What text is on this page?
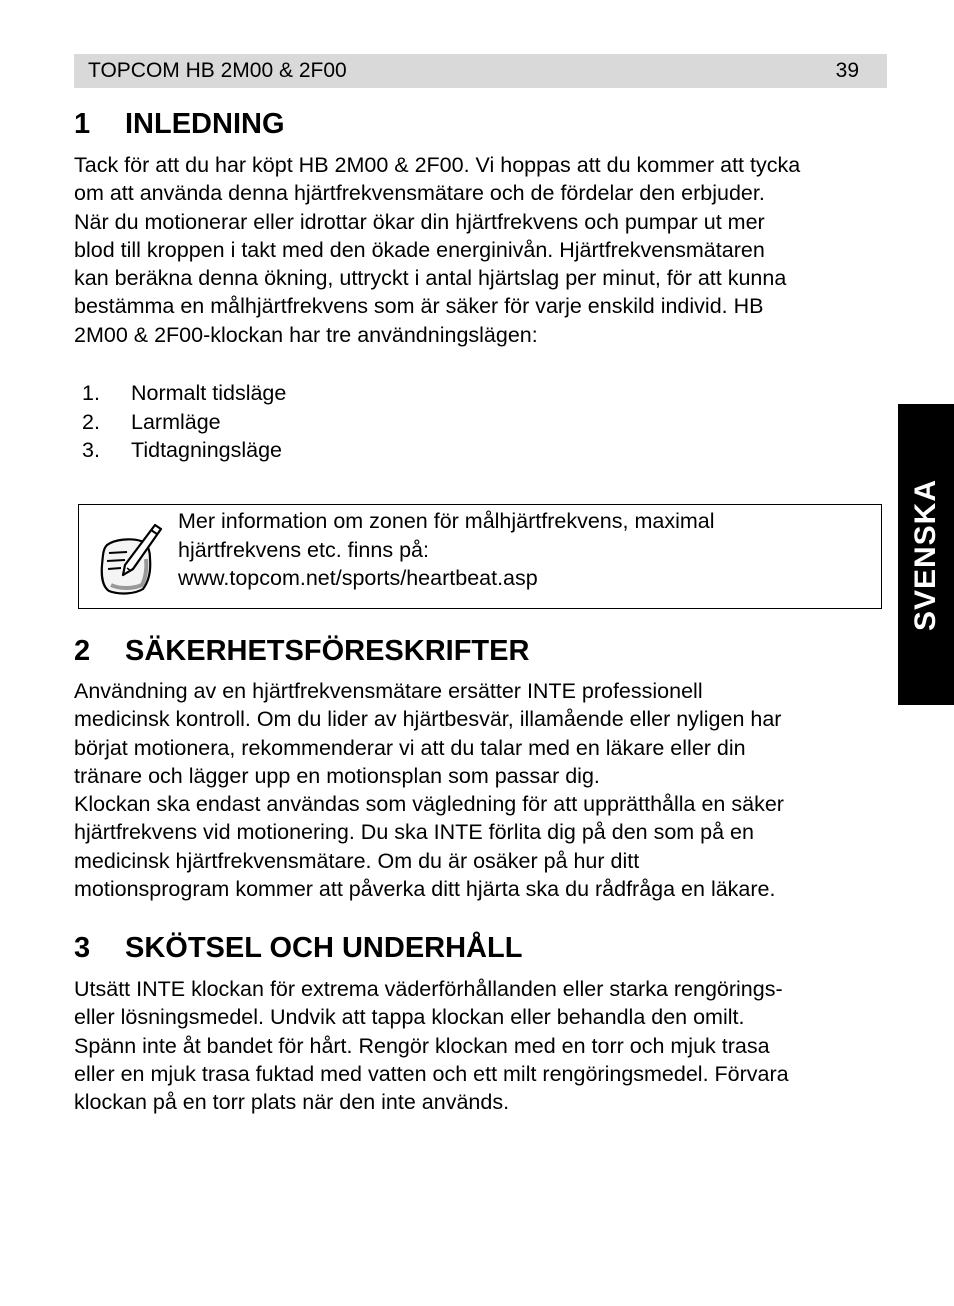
TOPCOM HB 2M00 & 2F00	39
1 INLEDNING
Tack för att du har köpt HB 2M00 & 2F00. Vi hoppas att du kommer att tycka
om att använda denna hjärtfrekvensmätare och de fördelar den erbjuder.
När du motionerar eller idrottar ökar din hjärtfrekvens och pumpar ut mer
blod till kroppen i takt med den ökade energinivån. Hjärtfrekvensmätaren
kan beräkna denna ökning, uttryckt i antal hjärtslag per minut, för att kunna
bestämma en målhjärtfrekvens som är säker för varje enskild individ. HB
2M00 & 2F00-klockan har tre användningslägen:
1. Normalt tidsläge
2. Larmläge
3. Tidtagningsläge
Mer information om zonen för målhjärtfrekvens, maximal
hjärtfrekvens etc. finns på:
www.topcom.net/sports/heartbeat.asp
2 SÄKERHETSFÖRESKRIFTER
Användning av en hjärtfrekvensmätare ersätter INTE professionell
medicinsk kontroll. Om du lider av hjärtbesvär, illamående eller nyligen har
börjat motionera, rekommenderar vi att du talar med en läkare eller din
tränare och lägger upp en motionsplan som passar dig.
Klockan ska endast användas som vägledning för att upprätthålla en säker
hjärtfrekvens vid motionering. Du ska INTE förlita dig på den som på en
medicinsk hjärtfrekvensmätare. Om du är osäker på hur ditt
motionsprogram kommer att påverka ditt hjärta ska du rådfråga en läkare.
3 SKÖTSEL OCH UNDERHÅLL
Utsätt INTE klockan för extrema väderförhållanden eller starka rengörings-
eller lösningsmedel. Undvik att tappa klockan eller behandla den omilt.
Spänn inte åt bandet för hårt. Rengör klockan med en torr och mjuk trasa
eller en mjuk trasa fuktad med vatten och ett milt rengöringsmedel. Förvara
klockan på en torr plats när den inte används.
SVENSKA
